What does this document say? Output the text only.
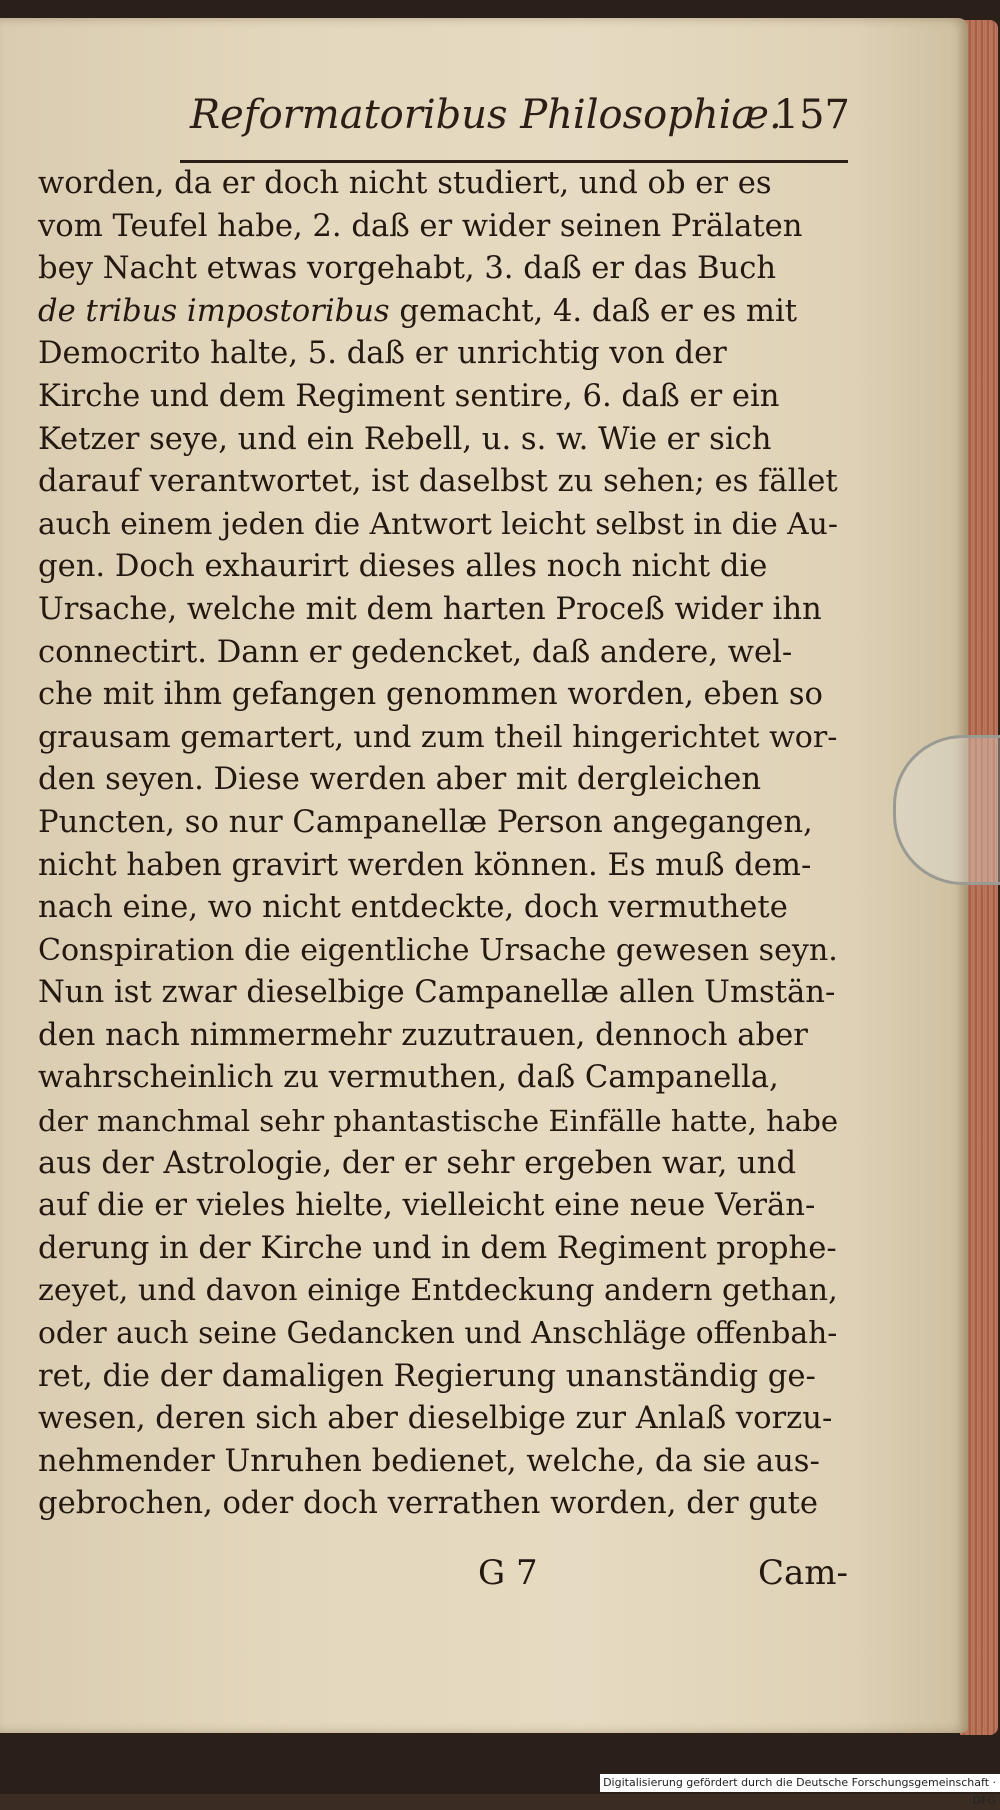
Reformatoribus Philosophiæ.
157
worden, da er doch nicht studiert, und ob er es
vom Teufel habe, 2. daß er wider seinen Prälaten
bey Nacht etwas vorgehabt, 3. daß er das Buch
de tribus impostoribus gemacht, 4. daß er es mit
Democrito halte, 5. daß er unrichtig von der
Kirche und dem Regiment sentire, 6. daß er ein
Ketzer seye, und ein Rebell, u. s. w. Wie er sich
darauf verantwortet, ist daselbst zu sehen; es fället
auch einem jeden die Antwort leicht selbst in die Au-
gen. Doch exhaurirt dieses alles noch nicht die
Ursache, welche mit dem harten Proceß wider ihn
connectirt. Dann er gedencket, daß andere, wel-
che mit ihm gefangen genommen worden, eben so
grausam gemartert, und zum theil hingerichtet wor-
den seyen. Diese werden aber mit dergleichen
Puncten, so nur Campanellæ Person angegangen,
nicht haben gravirt werden können. Es muß dem-
nach eine, wo nicht entdeckte, doch vermuthete
Conspiration die eigentliche Ursache gewesen seyn.
Nun ist zwar dieselbige Campanellæ allen Umstän-
den nach nimmermehr zuzutrauen, dennoch aber
wahrscheinlich zu vermuthen, daß Campanella,
der manchmal sehr phantastische Einfälle hatte, habe
aus der Astrologie, der er sehr ergeben war, und
auf die er vieles hielte, vielleicht eine neue Verän-
derung in der Kirche und in dem Regiment prophe-
zeyet, und davon einige Entdeckung andern gethan,
oder auch seine Gedancken und Anschläge offenbah-
ret, die der damaligen Regierung unanständig ge-
wesen, deren sich aber dieselbige zur Anlaß vorzu-
nehmender Unruhen bedienet, welche, da sie aus-
gebrochen, oder doch verrathen worden, der gute
G 7	Cam-
Digitalisierung gefördert durch die Deutsche Forschungsgemeinschaft · DFG
